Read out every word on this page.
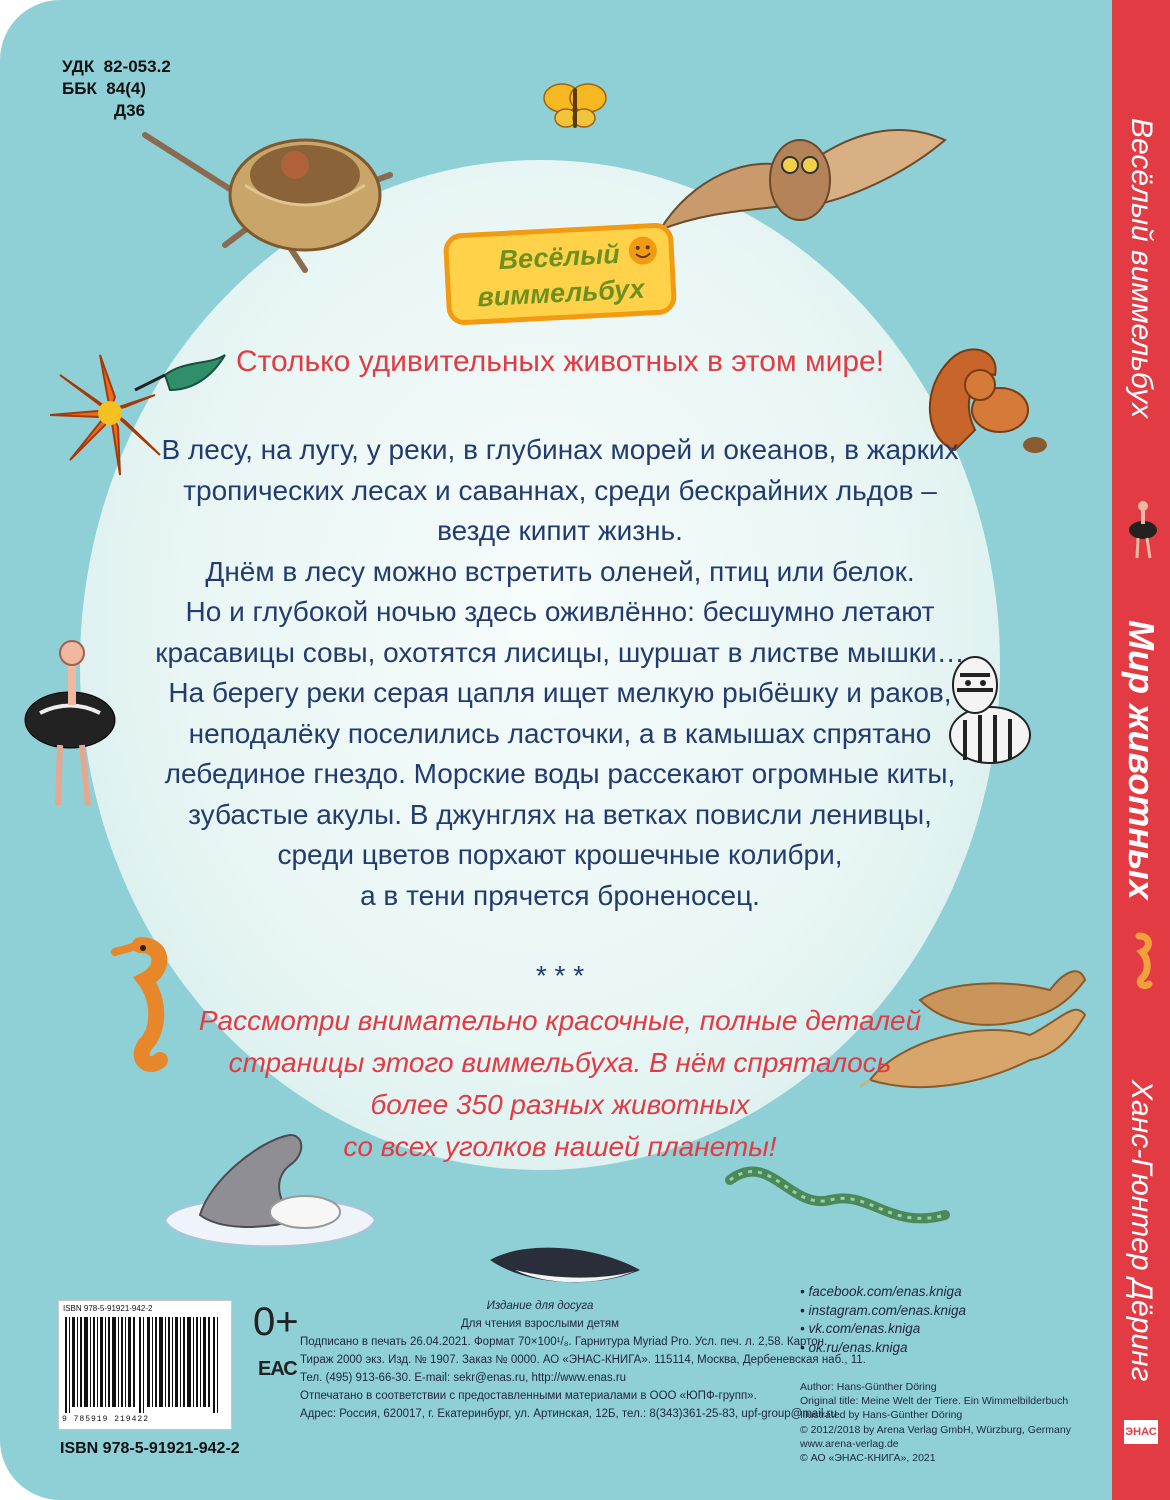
УДК 82-053.2
ББК 84(4)
Д36
Весёлый
виммельбух
Столько удивительных животных в этом мире!
В лесу, на лугу, у реки, в глубинах морей и океанов, в жарких
тропических лесах и саваннах, среди бескрайних льдов –
везде кипит жизнь.
Днём в лесу можно встретить оленей, птиц или белок.
Но и глубокой ночью здесь оживлённо: бесшумно летают
красавицы совы, охотятся лисицы, шуршат в листве мышки…
На берегу реки серая цапля ищет мелкую рыбёшку и раков,
неподалёку поселились ласточки, а в камышах спрятано
лебединое гнездо. Морские воды рассекают огромные киты,
зубастые акулы. В джунглях на ветках повисли ленивцы,
среди цветов порхают крошечные колибри,
а в тени прячется броненосец.
* * *
Рассмотри внимательно красочные, полные деталей
страницы этого виммельбуха. В нём спряталось
более 350 разных животных
со всех уголков нашей планеты!
• facebook.com/enas.kniga
• instagram.com/enas.kniga
• vk.com/enas.kniga
• ok.ru/enas.kniga
ISBN 978-5-91921-942-2
9 785919 219422
0+
ЕАС
ISBN 978-5-91921-942-2
Издание для досуга
Для чтения взрослыми детям
Подписано в печать 26.04.2021. Формат 70×100¹/₈. Гарнитура Myriad Pro. Усл. печ. л. 2,58. Картон.
Тираж 2000 экз. Изд. № 1907. Заказ № 0000. АО «ЭНАС-КНИГА». 115114, Москва, Дербеневская наб., 11.
Тел. (495) 913-66-30. E-mail: sekr@enas.ru, http://www.enas.ru
Отпечатано в соответствии с предоставленными материалами в ООО «ЮПФ-групп».
Адрес: Россия, 620017, г. Екатеринбург, ул. Артинская, 12Б, тел.: 8(343)361-25-83, upf-group@mail.ru
Author: Hans-Günther Döring
Original title: Meine Welt der Tiere. Ein Wimmelbilderbuch
Illustrated by Hans-Günther Döring
© 2012/2018 by Arena Verlag GmbH, Würzburg, Germany
www.arena-verlag.de
© АО «ЭНАС-КНИГА», 2021
Весёлый виммельбух
Мир животных
Ханс-Гюнтер Дёринг
ЭНАС
